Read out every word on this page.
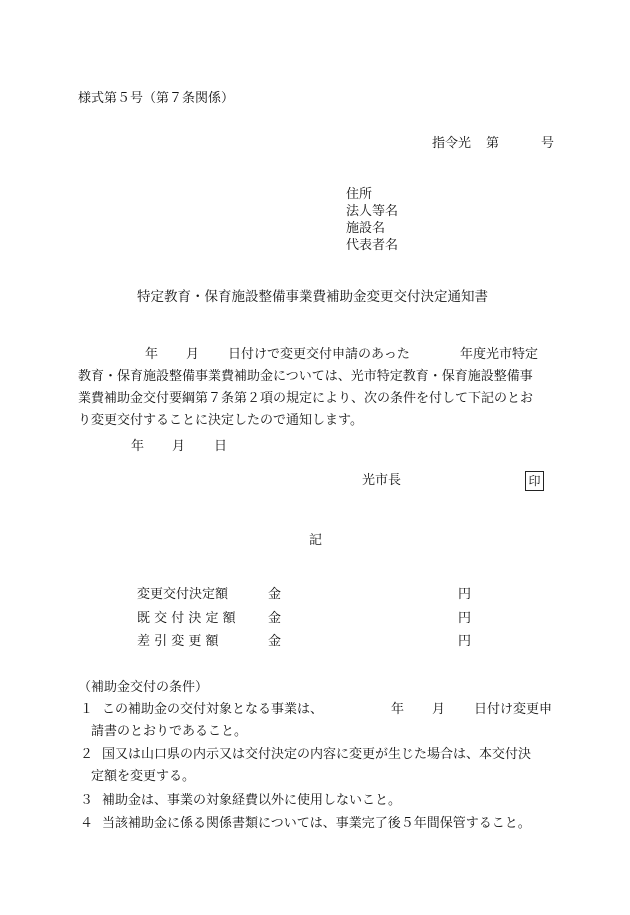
様式第５号（第７条関係）
指令光 第	号
住所
法人等名
施設名
代表者名
特定教育・保育施設整備事業費補助金変更交付決定通知書
年 月 日付けで変更交付申請のあった	年度光市特定
教育・保育施設整備事業費補助金については、光市特定教育・保育施設整備事
業費補助金交付要綱第７条第２項の規定により、次の条件を付して下記のとお
り変更交付することに決定したので通知します。
年 月 日
光市長	印
記
変更交付決定額	金	円
既 交 付 決 定 額 金	円
差 引 変 更 額	金	円
（補助金交付の条件）
１ この補助金の交付対象となる事業は、	年 月 日付け変更申
請書のとおりであること。
２ 国又は山口県の内示又は交付決定の内容に変更が生じた場合は、本交付決
定額を変更する。
３ 補助金は、事業の対象経費以外に使用しないこと。
４ 当該補助金に係る関係書類については、事業完了後５年間保管すること。
